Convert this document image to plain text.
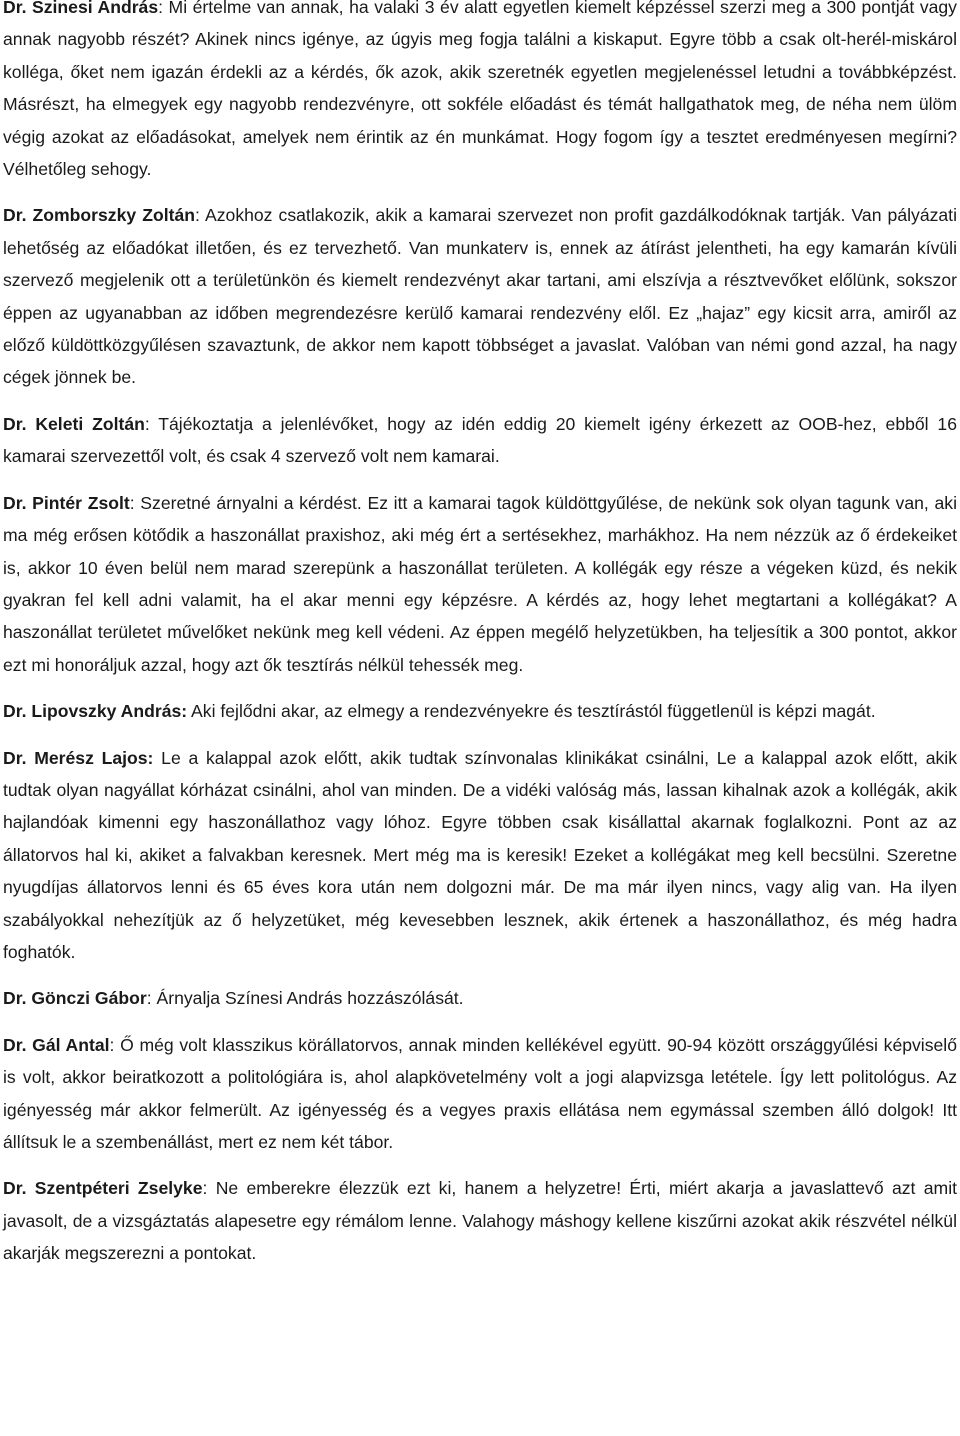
Dr. Szinesi András: Mi értelme van annak, ha valaki 3 év alatt egyetlen kiemelt képzéssel szerzi meg a 300 pontját vagy annak nagyobb részét? Akinek nincs igénye, az úgyis meg fogja találni a kiskaput. Egyre több a csak olt-herél-miskárol kolléga, őket nem igazán érdekli az a kérdés, ők azok, akik szeretnék egyetlen megjelenéssel letudni a továbbképzést. Másrészt, ha elmegyek egy nagyobb rendezvényre, ott sokféle előadást és témát hallgathatok meg, de néha nem ülöm végig azokat az előadásokat, amelyek nem érintik az én munkámat. Hogy fogom így a tesztet eredményesen megírni? Vélhetőleg sehogy.

Dr. Zomborszky Zoltán: Azokhoz csatlakozik, akik a kamarai szervezet non profit gazdálkodóknak tartják. Van pályázati lehetőség az előadókat illetően, és ez tervezhető. Van munkaterv is, ennek az átírást jelentheti, ha egy kamarán kívüli szervező megjelenik ott a területünkön és kiemelt rendezvényt akar tartani, ami elszívja a résztvevőket előlünk, sokszor éppen az ugyanabban az időben megrendezésre kerülő kamarai rendezvény elől. Ez „hajaz” egy kicsit arra, amiről az előző küldöttközgyűlésen szavaztunk, de akkor nem kapott többséget a javaslat. Valóban van némi gond azzal, ha nagy cégek jönnek be.

Dr. Keleti Zoltán: Tájékoztatja a jelenlévőket, hogy az idén eddig 20 kiemelt igény érkezett az OOB-hez, ebből 16 kamarai szervezettől volt, és csak 4 szervező volt nem kamarai.

Dr. Pintér Zsolt: Szeretné árnyalni a kérdést. Ez itt a kamarai tagok küldöttgyűlése, de nekünk sok olyan tagunk van, aki ma még erősen kötődik a haszonállat praxishoz, aki még ért a sertésekhez, marhákhoz. Ha nem nézzük az ő érdekeiket is, akkor 10 éven belül nem marad szerepünk a haszonállat területen. A kollégák egy része a végeken küzd, és nekik gyakran fel kell adni valamit, ha el akar menni egy képzésre. A kérdés az, hogy lehet megtartani a kollégákat? A haszonállat területet művelőket nekünk meg kell védeni. Az éppen megélő helyzetükben, ha teljesítik a 300 pontot, akkor ezt mi honoráljuk azzal, hogy azt ők tesztírás nélkül tehessék meg.

Dr. Lipovszky András: Aki fejlődni akar, az elmegy a rendezvényekre és tesztírástól függetlenül is képzi magát.

Dr. Merész Lajos: Le a kalappal azok előtt, akik tudtak színvonalas klinikákat csinálni, Le a kalappal azok előtt, akik tudtak olyan nagyállat kórházat csinálni, ahol van minden. De a vidéki valóság más, lassan kihalnak azok a kollégák, akik hajlandóak kimenni egy haszonállathoz vagy lóhoz. Egyre többen csak kisállattal akarnak foglalkozni. Pont az az állatorvos hal ki, akiket a falvakban keresnek. Mert még ma is keresik! Ezeket a kollégákat meg kell becsülni. Szeretne nyugdíjas állatorvos lenni és 65 éves kora után nem dolgozni már. De ma már ilyen nincs, vagy alig van. Ha ilyen szabályokkal nehezítjük az ő helyzetüket, még kevesebben lesznek, akik értenek a haszonállathoz, és még hadra foghatók.

Dr. Gönczi Gábor: Árnyalja Színesi András hozzászólását.

Dr. Gál Antal: Ő még volt klasszikus körállatorvos, annak minden kellékével együtt. 90-94 között országgyűlési képviselő is volt, akkor beiratkozott a politológiára is, ahol alapkövetelmény volt a jogi alapvizsga letétele. Így lett politológus. Az igényesség már akkor felmerült. Az igényesség és a vegyes praxis ellátása nem egymással szemben álló dolgok! Itt állítsuk le a szembenállást, mert ez nem két tábor.

Dr. Szentpéteri Zselyke: Ne emberekre élezzük ezt ki, hanem a helyzetre! Érti, miért akarja a javaslattevő azt amit javasolt, de a vizsgáztatás alapesetre egy rémálom lenne. Valahogy máshogy kellene kiszűrni azokat akik részvétel nélkül akarják megszerezni a pontokat.
